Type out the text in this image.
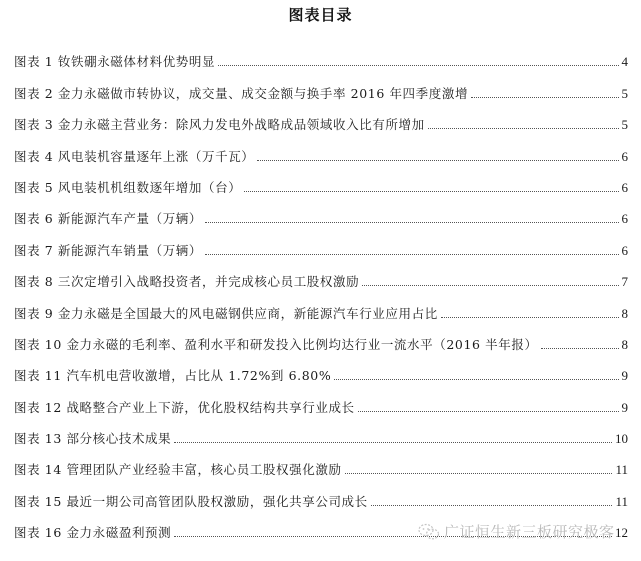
图表目录
图表 1 钕铁硼永磁体材料优势明显	4
图表 2 金力永磁做市转协议，成交量、成交金额与换手率 2016 年四季度激增	5
图表 3 金力永磁主营业务：除风力发电外战略成品领域收入比有所增加	5
图表 4 风电装机容量逐年上涨（万千瓦）	6
图表 5 风电装机机组数逐年增加（台）	6
图表 6 新能源汽车产量（万辆）	6
图表 7 新能源汽车销量（万辆）	6
图表 8 三次定增引入战略投资者，并完成核心员工股权激励	7
图表 9 金力永磁是全国最大的风电磁钢供应商，新能源汽车行业应用占比	8
图表 10 金力永磁的毛利率、盈利水平和研发投入比例均达行业一流水平（2016 半年报）	8
图表 11 汽车机电营收激增，占比从 1.72%到 6.80%	9
图表 12 战略整合产业上下游，优化股权结构共享行业成长	9
图表 13 部分核心技术成果	10
图表 14 管理团队产业经验丰富，核心员工股权强化激励	11
图表 15 最近一期公司高管团队股权激励，强化共享公司成长	11
图表 16 金力永磁盈利预测	12
广证恒生新三板研究极客
